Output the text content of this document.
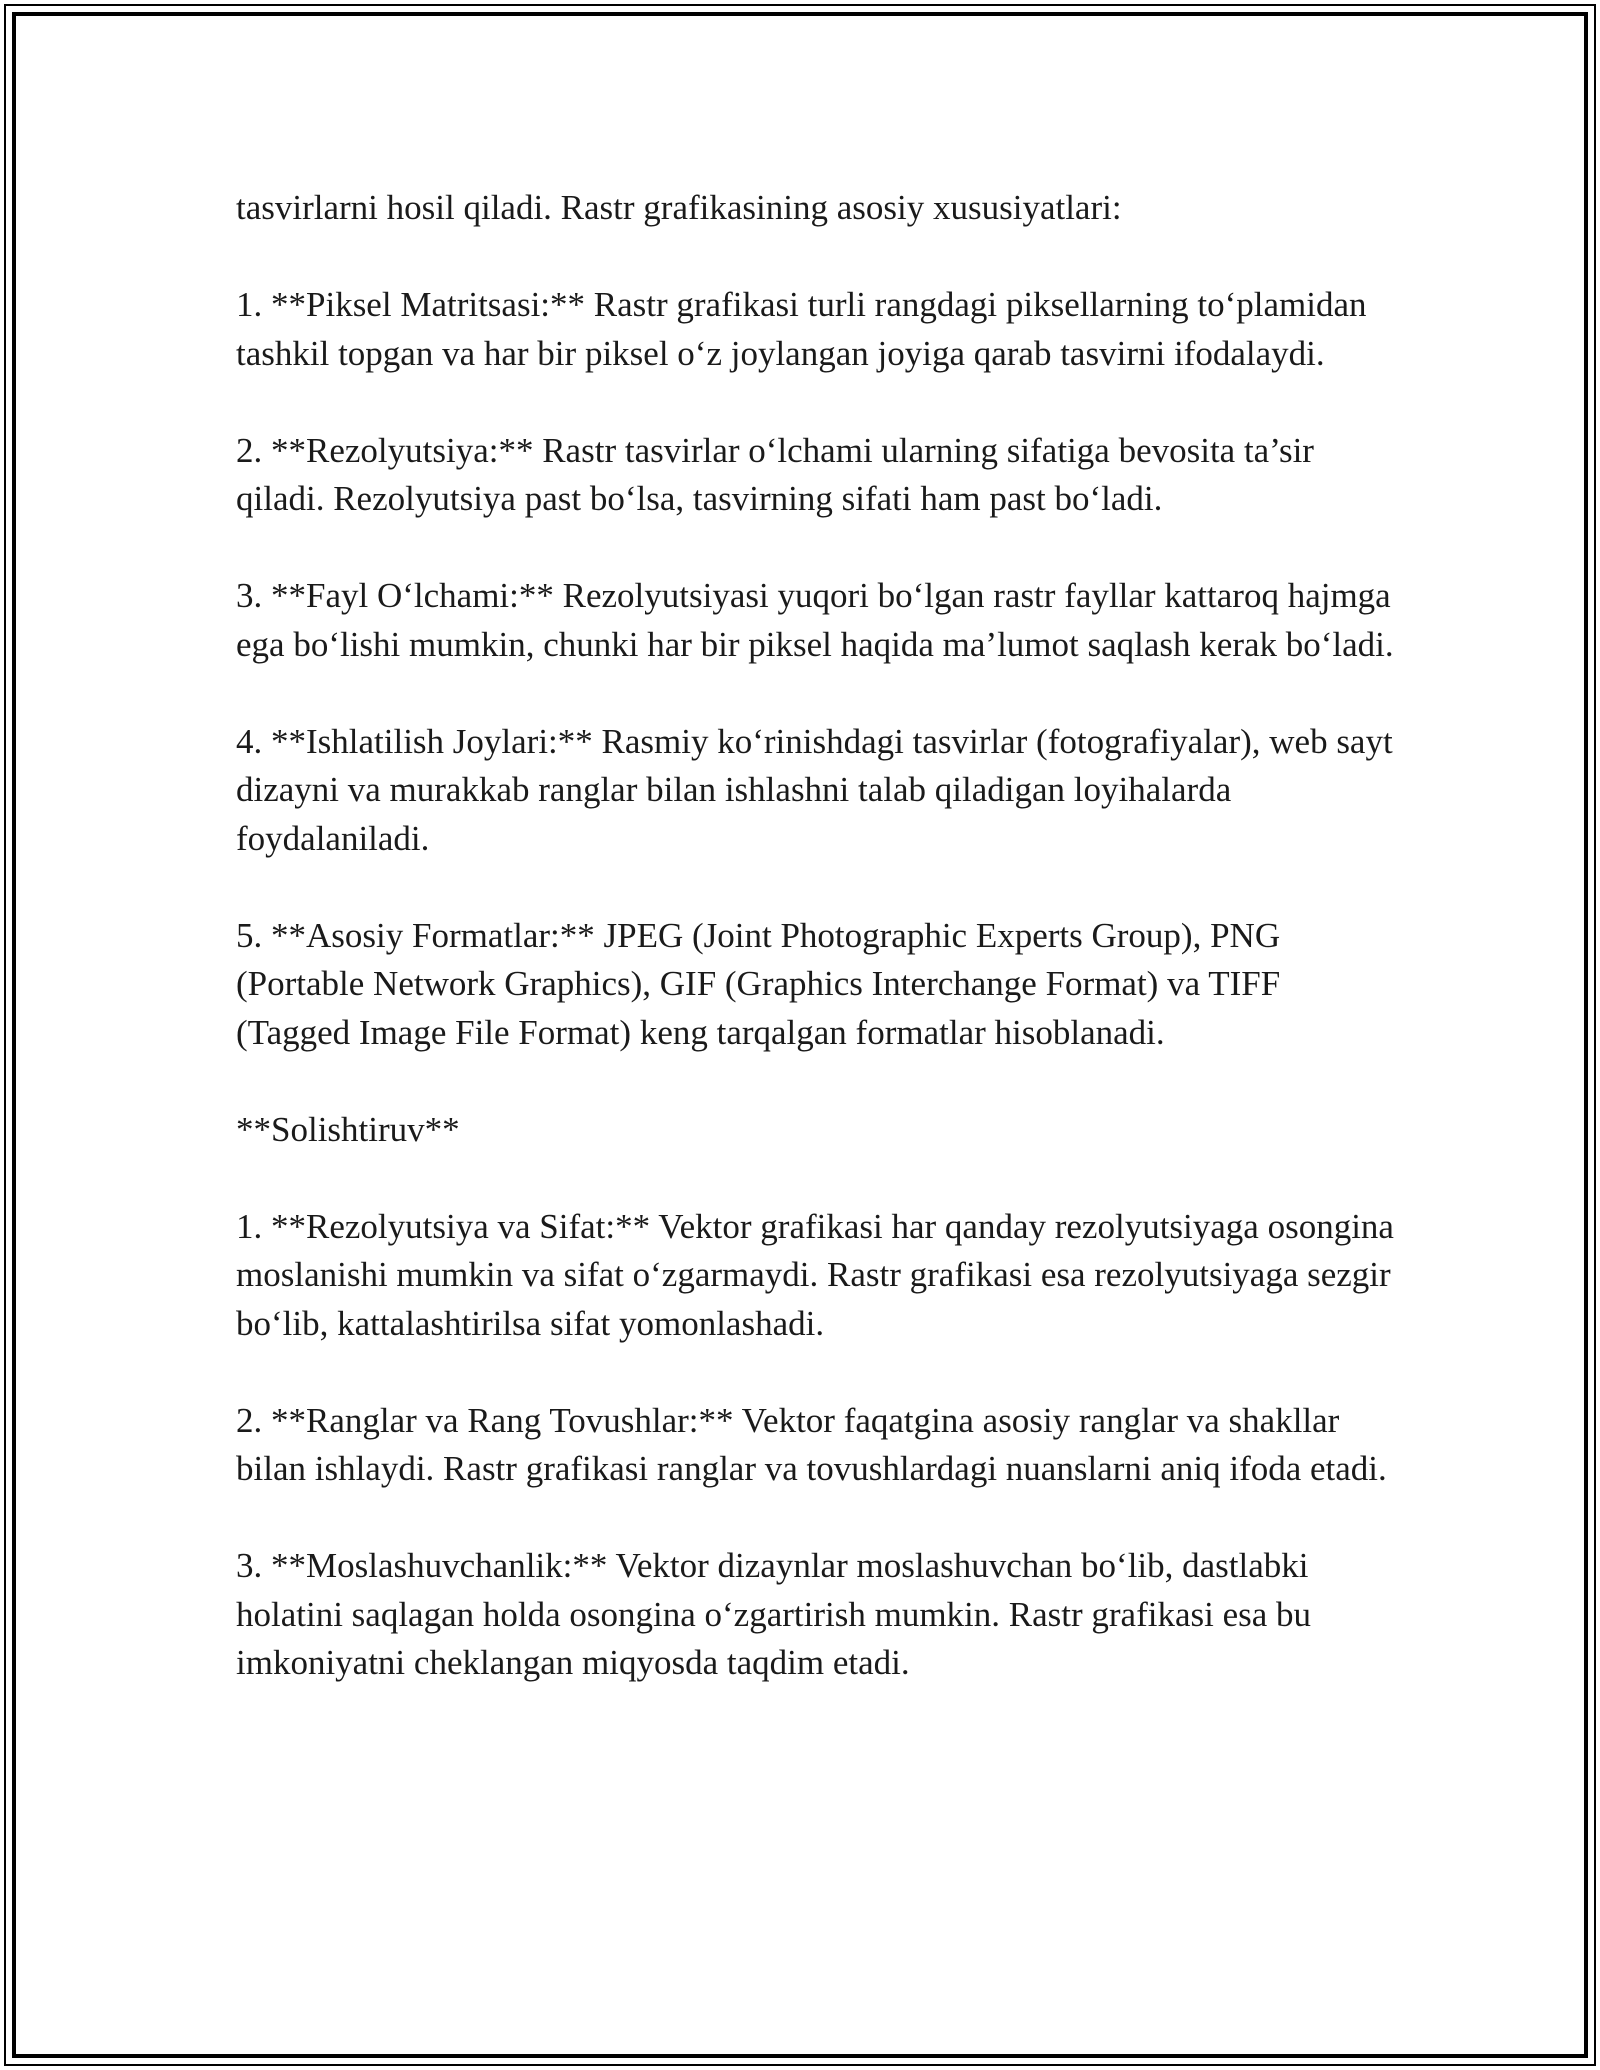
tasvirlarni hosil qiladi. Rastr grafikasining asosiy xususiyatlari:

1. **Piksel Matritsasi:** Rastr grafikasi turli rangdagi piksellarning to‘plamidan tashkil topgan va har bir piksel o‘z joylangan joyiga qarab tasvirni ifodalaydi.

2. **Rezolyutsiya:** Rastr tasvirlar o‘lchami ularning sifatiga bevosita ta’sir qiladi. Rezolyutsiya past bo‘lsa, tasvirning sifati ham past bo‘ladi.

3. **Fayl O‘lchami:** Rezolyutsiyasi yuqori bo‘lgan rastr fayllar kattaroq hajmga ega bo‘lishi mumkin, chunki har bir piksel haqida ma’lumot saqlash kerak bo‘ladi.

4. **Ishlatilish Joylari:** Rasmiy ko‘rinishdagi tasvirlar (fotografiyalar), web sayt dizayni va murakkab ranglar bilan ishlashni talab qiladigan loyihalarda foydalaniladi.

5. **Asosiy Formatlar:** JPEG (Joint Photographic Experts Group), PNG (Portable Network Graphics), GIF (Graphics Interchange Format) va TIFF (Tagged Image File Format) keng tarqalgan formatlar hisoblanadi.

**Solishtiruv**

1. **Rezolyutsiya va Sifat:** Vektor grafikasi har qanday rezolyutsiyaga osongina moslanishi mumkin va sifat o‘zgarmaydi. Rastr grafikasi esa rezolyutsiyaga sezgir bo‘lib, kattalashtirilsa sifat yomonlashadi.

2. **Ranglar va Rang Tovushlar:** Vektor faqatgina asosiy ranglar va shakllar bilan ishlaydi. Rastr grafikasi ranglar va tovushlardagi nuanslarni aniq ifoda etadi.

3. **Moslashuvchanlik:** Vektor dizaynlar moslashuvchan bo‘lib, dastlabki holatini saqlagan holda osongina o‘zgartirish mumkin. Rastr grafikasi esa bu imkoniyatni cheklangan miqyosda taqdim etadi.
